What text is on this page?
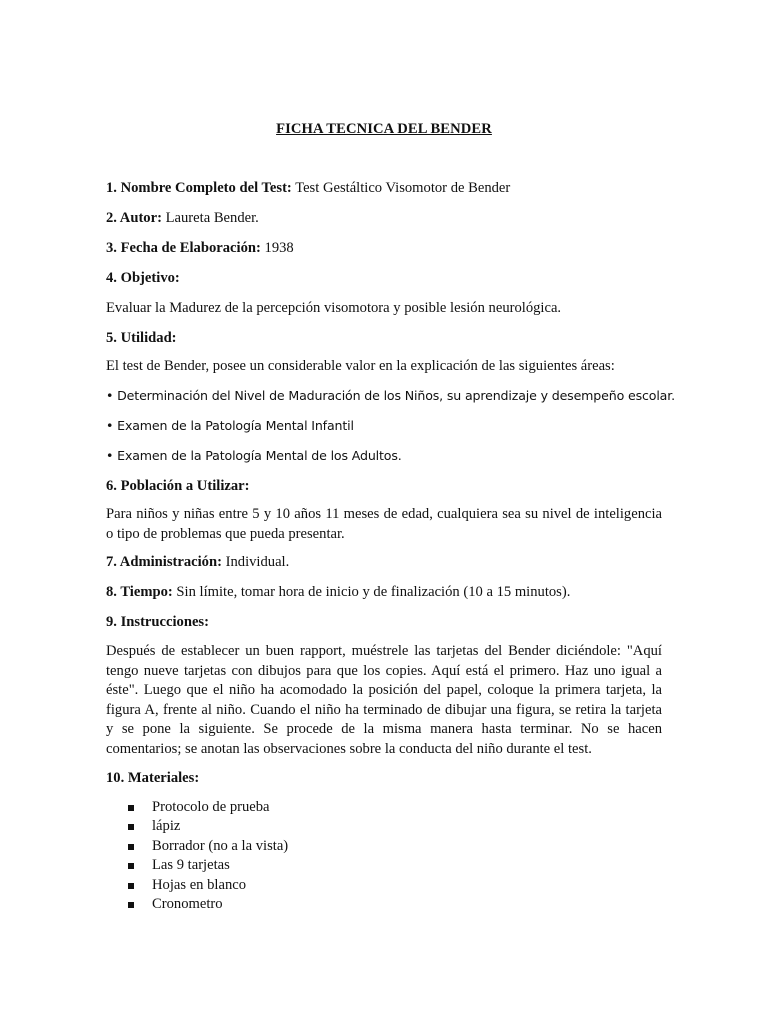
FICHA TECNICA DEL BENDER
1. Nombre Completo del Test: Test Gestáltico Visomotor de Bender
2. Autor: Laureta Bender.
3. Fecha de Elaboración: 1938
4. Objetivo:
Evaluar la Madurez de la percepción visomotora y posible lesión neurológica.
5. Utilidad:
El test de Bender, posee un considerable valor en la explicación de las siguientes áreas:
• Determinación del Nivel de Maduración de los Niños, su aprendizaje y desempeño escolar.
• Examen de la Patología Mental Infantil
• Examen de la Patología Mental de los Adultos.
6. Población a Utilizar:
Para niños y niñas entre 5 y 10 años 11 meses de edad, cualquiera sea su nivel de inteligencia
o tipo de problemas que pueda presentar.
7. Administración: Individual.
8. Tiempo: Sin límite, tomar hora de inicio y de finalización (10 a 15 minutos).
9. Instrucciones:
Después de establecer un buen rapport, muéstrele las tarjetas del Bender diciéndole: "Aquí
tengo nueve tarjetas con dibujos para que los copies. Aquí está el primero. Haz uno igual a
éste". Luego que el niño ha acomodado la posición del papel, coloque la primera tarjeta, la
figura A, frente al niño. Cuando el niño ha terminado de dibujar una figura, se retira la tarjeta
y se pone la siguiente. Se procede de la misma manera hasta terminar. No se hacen
comentarios; se anotan las observaciones sobre la conducta del niño durante el test.
10. Materiales:
Protocolo de prueba
lápiz
Borrador (no a la vista)
Las 9 tarjetas
Hojas en blanco
Cronometro
